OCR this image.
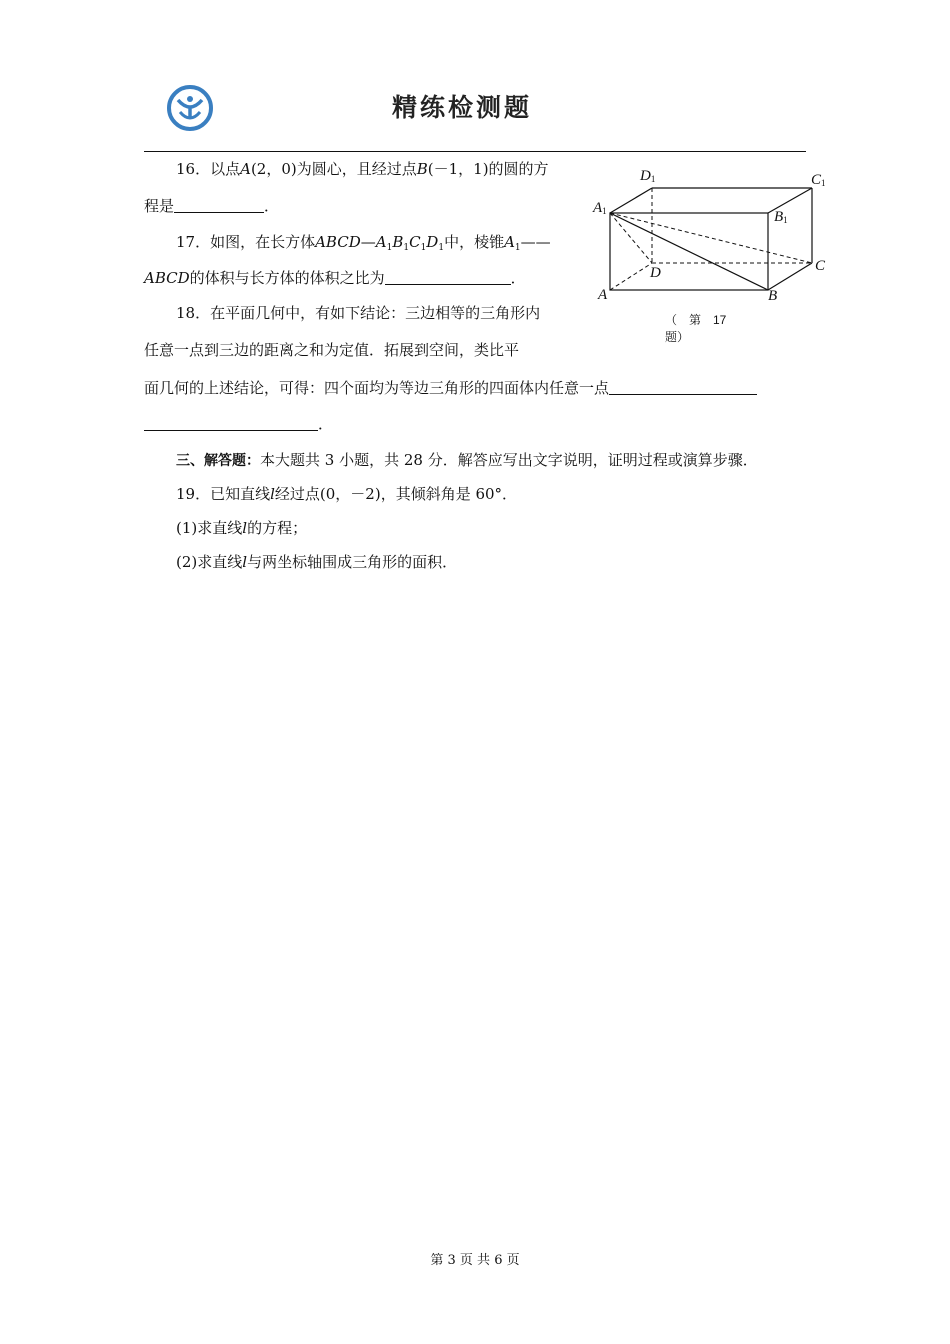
精练检测题
16．以点A(2，0)为圆心，且经过点B(－1，1)的圆的方
程是	．
17．如图，在长方体$ABCD—A_1B_1C_1D_1$中，棱锥$A_1——$
ABCD的体积与长方体的体积之比为	．
18．在平面几何中，有如下结论：三边相等的三角形内
任意一点到三边的距离之和为定值．拓展到空间，类比平
面几何的上述结论，可得：四个面均为等边三角形的四面体内任意一点
．
D1	C1
A1	B1
D	C
A	B
（　第　17
题）
三、解答题：本大题共 3 小题，共 28 分．解答应写出文字说明，证明过程或演算步骤．
19．已知直线l经过点(0，－2)，其倾斜角是 60°．
(1)求直线l的方程；
(2)求直线l与两坐标轴围成三角形的面积．
第 3 页 共 6 页
